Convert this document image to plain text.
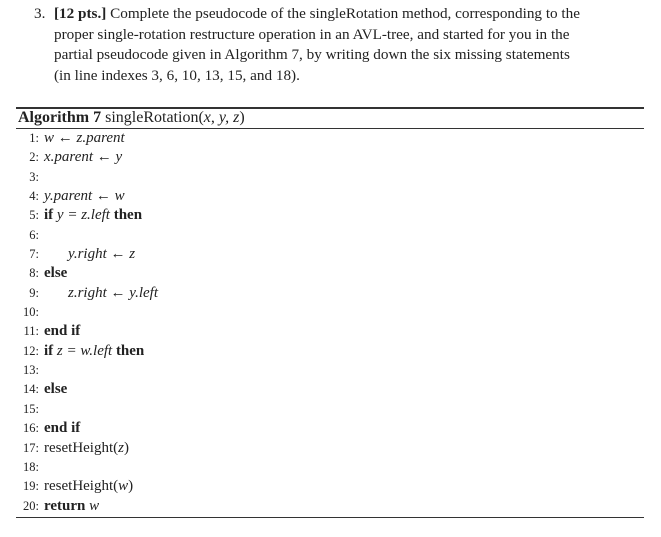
3. [12 pts.] Complete the pseudocode of the singleRotation method, corresponding to the
proper single-rotation restructure operation in an AVL-tree, and started for you in the
partial pseudocode given in Algorithm 7, by writing down the six missing statements
(in line indexes 3, 6, 10, 13, 15, and 18).
Algorithm 7 singleRotation(x, y, z)
1: w ← z.parent
2: x.parent ← y
3:
4: y.parent ← w
5: if y = z.left then
6:
7: y.right ← z
8: else
9: z.right ← y.left
10:
11: end if
12: if z = w.left then
13:
14: else
15:
16: end if
17: resetHeight(z)
18:
19: resetHeight(w)
20: return w
